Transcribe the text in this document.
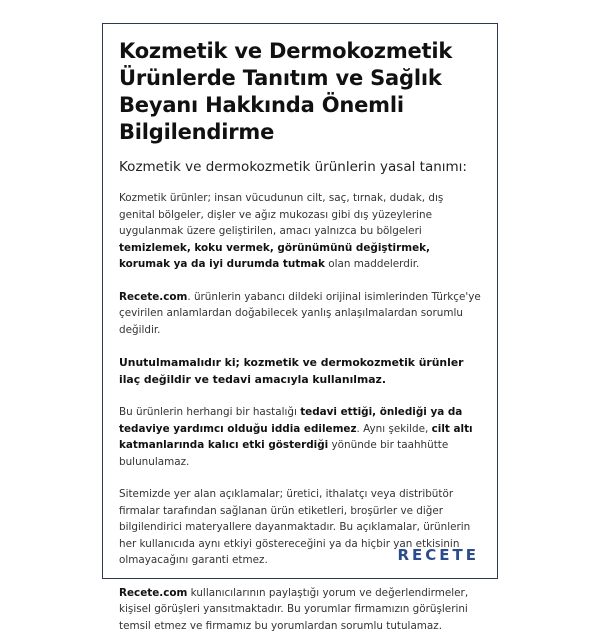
Kozmetik ve Dermokozmetik Ürünlerde Tanıtım ve Sağlık Beyanı Hakkında Önemli Bilgilendirme
Kozmetik ve dermokozmetik ürünlerin yasal tanımı:

Kozmetik ürünler; insan vücudunun cilt, saç, tırnak, dudak, dış genital bölgeler, dişler ve ağız mukozası gibi dış yüzeylerine uygulanmak üzere geliştirilen, amacı yalnızca bu bölgeleri temizlemek, koku vermek, görünümünü değiştirmek, korumak ya da iyi durumda tutmak olan maddelerdir.

Recete.com. ürünlerin yabancı dildeki orijinal isimlerinden Türkçe'ye çevirilen anlamlardan doğabilecek yanlış anlaşılmalardan sorumlu değildir.

Unutulmamalıdır ki; kozmetik ve dermokozmetik ürünler ilaç değildir ve tedavi amacıyla kullanılmaz.

Bu ürünlerin herhangi bir hastalığı tedavi ettiği, önlediği ya da tedaviye yardımcı olduğu iddia edilemez. Aynı şekilde, cilt altı katmanlarında kalıcı etki gösterdiği yönünde bir taahhütte bulunulamaz.

Sitemizde yer alan açıklamalar; üretici, ithalatçı veya distribütör firmalar tarafından sağlanan ürün etiketleri, broşürler ve diğer bilgilendirici materyallere dayanmaktadır. Bu açıklamalar, ürünlerin her kullanıcıda aynı etkiyi göstereceğini ya da hiçbir yan etkisinin olmayacağını garanti etmez.

Recete.com kullanıcılarının paylaştığı yorum ve değerlendirmeler, kişisel görüşleri yansıtmaktadır. Bu yorumlar firmamızın görüşlerini temsil etmez ve firmamız bu yorumlardan sorumlu tutulamaz.

RECETE
